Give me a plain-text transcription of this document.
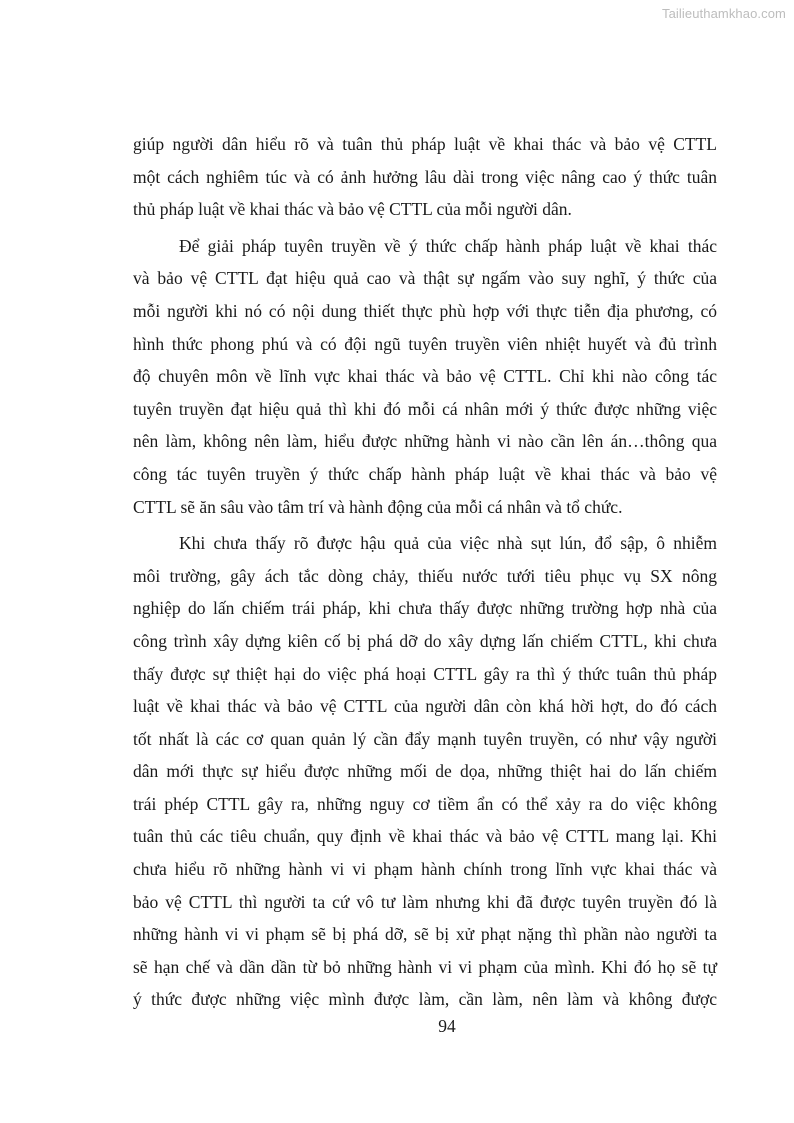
Tailieuthamkhao.com
giúp người dân hiểu rõ và tuân thủ pháp luật về khai thác và bảo vệ CTTL
một cách nghiêm túc và có ảnh hưởng lâu dài trong việc nâng cao ý thức tuân
thủ pháp luật về khai thác và bảo vệ CTTL của mỗi người dân.
Để giải pháp tuyên truyền về ý thức chấp hành pháp luật về khai thác
và bảo vệ CTTL đạt hiệu quả cao và thật sự ngấm vào suy nghĩ, ý thức của
mỗi người khi nó có nội dung thiết thực phù hợp với thực tiễn địa phương, có
hình thức phong phú và có đội ngũ tuyên truyền viên nhiệt huyết và đủ trình
độ chuyên môn về lĩnh vực khai thác và bảo vệ CTTL. Chỉ khi nào công tác
tuyên truyền đạt hiệu quả thì khi đó mỗi cá nhân mới ý thức được những việc
nên làm, không nên làm, hiểu được những hành vi nào cần lên án…thông qua
công tác tuyên truyền ý thức chấp hành pháp luật về khai thác và bảo vệ
CTTL sẽ ăn sâu vào tâm trí và hành động của mỗi cá nhân và tổ chức.
Khi chưa thấy rõ được hậu quả của việc nhà sụt lún, đổ sập, ô nhiễm
môi trường, gây ách tắc dòng chảy, thiếu nước tưới tiêu phục vụ SX nông
nghiệp do lấn chiếm trái pháp, khi chưa thấy được những trường hợp nhà của
công trình xây dựng kiên cố bị phá dỡ do xây dựng lấn chiếm CTTL, khi chưa
thấy được sự thiệt hại do việc phá hoại CTTL gây ra thì ý thức tuân thủ pháp
luật về khai thác và bảo vệ CTTL của người dân còn khá hời hợt, do đó cách
tốt nhất là các cơ quan quản lý cần đẩy mạnh tuyên truyền, có như vậy người
dân mới thực sự hiểu được những mối de dọa, những thiệt hai do lấn chiếm
trái phép CTTL gây ra, những nguy cơ tiềm ẩn có thể xảy ra do việc không
tuân thủ các tiêu chuẩn, quy định về khai thác và bảo vệ CTTL mang lại. Khi
chưa hiểu rõ những hành vi vi phạm hành chính trong lĩnh vực khai thác và
bảo vệ CTTL thì người ta cứ vô tư làm nhưng khi đã được tuyên truyền đó là
những hành vi vi phạm sẽ bị phá dỡ, sẽ bị xử phạt nặng thì phần nào người ta
sẽ hạn chế và dần dần từ bỏ những hành vi vi phạm của mình. Khi đó họ sẽ tự
ý thức được những việc mình được làm, cần làm, nên làm và không được
94
